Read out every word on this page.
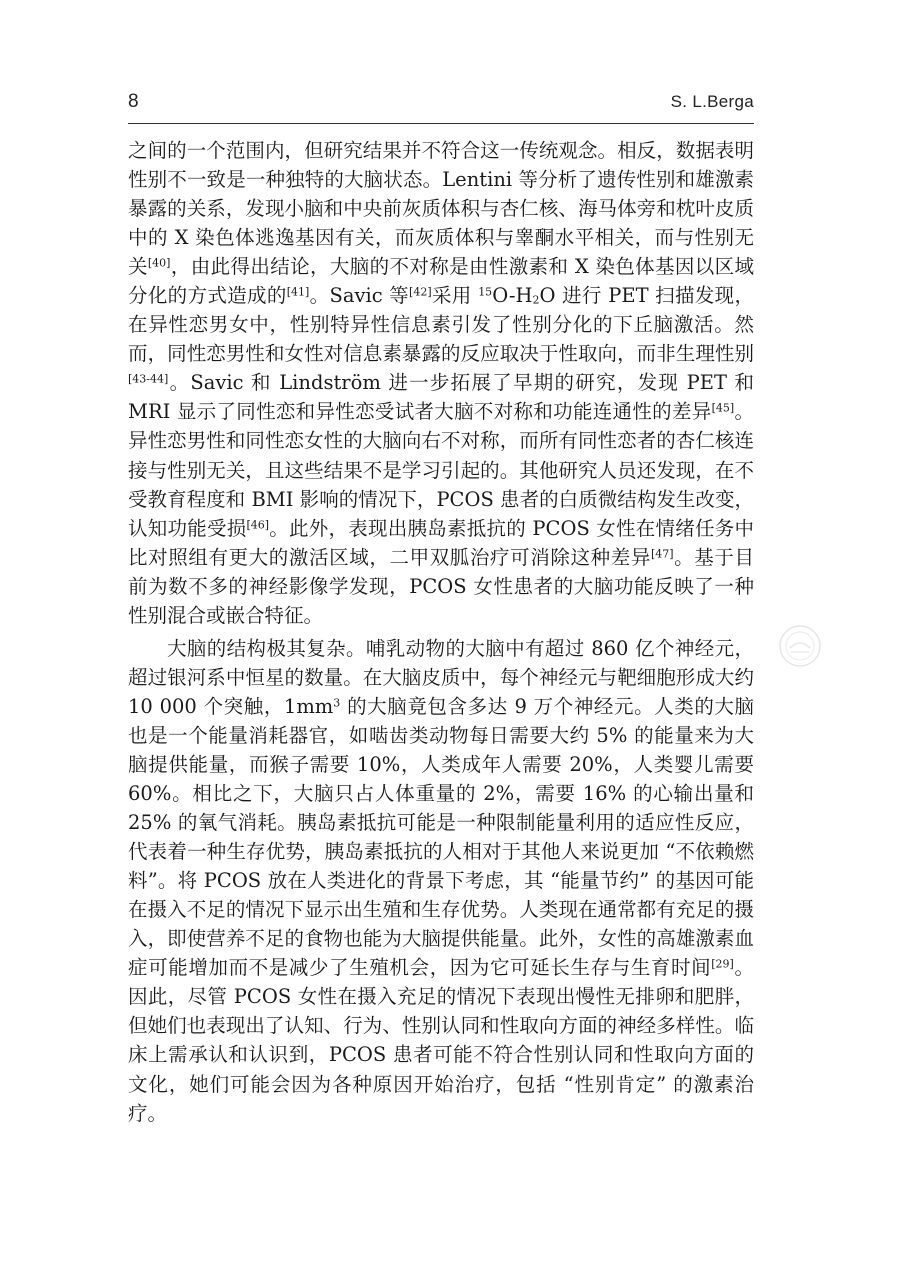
8	S. L.Berga

之间的一个范围内，但研究结果并不符合这一传统观念。相反，数据表明性别不一致是一种独特的大脑状态。Lentini 等分析了遗传性别和雄激素暴露的关系，发现小脑和中央前灰质体积与杏仁核、海马体旁和枕叶皮质中的 X 染色体逃逸基因有关，而灰质体积与睾酮水平相关，而与性别无关[40]，由此得出结论，大脑的不对称是由性激素和 X 染色体基因以区域分化的方式造成的[41]。Savic 等[42]采用 $^{15}O-H_2O$ 进行 PET 扫描发现，在异性恋男女中，性别特异性信息素引发了性别分化的下丘脑激活。然而，同性恋男性和女性对信息素暴露的反应取决于性取向，而非生理性别[43-44]。Savic 和 Lindström 进一步拓展了早期的研究，发现 PET 和 MRI 显示了同性恋和异性恋受试者大脑不对称和功能连通性的差异[45]。异性恋男性和同性恋女性的大脑向右不对称，而所有同性恋者的杏仁核连接与性别无关，且这些结果不是学习引起的。其他研究人员还发现，在不受教育程度和 BMI 影响的情况下，PCOS 患者的白质微结构发生改变，认知功能受损[46]。此外，表现出胰岛素抵抗的 PCOS 女性在情绪任务中比对照组有更大的激活区域，二甲双胍治疗可消除这种差异[47]。基于目前为数不多的神经影像学发现，PCOS 女性患者的大脑功能反映了一种性别混合或嵌合特征。

大脑的结构极其复杂。哺乳动物的大脑中有超过 860 亿个神经元，超过银河系中恒星的数量。在大脑皮质中，每个神经元与靶细胞形成大约 10 000 个突触，$1mm^3$ 的大脑竟包含多达 9 万个神经元。人类的大脑也是一个能量消耗器官，如啮齿类动物每日需要大约 5% 的能量来为大脑提供能量，而猴子需要 10%，人类成年人需要 20%，人类婴儿需要 60%。相比之下，大脑只占人体重量的 2%，需要 16% 的心输出量和 25% 的氧气消耗。胰岛素抵抗可能是一种限制能量利用的适应性反应，代表着一种生存优势，胰岛素抵抗的人相对于其他人来说更加 “不依赖燃料”。将 PCOS 放在人类进化的背景下考虑，其 “能量节约” 的基因可能在摄入不足的情况下显示出生殖和生存优势。人类现在通常都有充足的摄入，即使营养不足的食物也能为大脑提供能量。此外，女性的高雄激素血症可能增加而不是减少了生殖机会，因为它可延长生存与生育时间[29]。因此，尽管 PCOS 女性在摄入充足的情况下表现出慢性无排卵和肥胖，但她们也表现出了认知、行为、性别认同和性取向方面的神经多样性。临床上需承认和认识到，PCOS 患者可能不符合性别认同和性取向方面的文化，她们可能会因为各种原因开始治疗，包括 “性别肯定” 的激素治疗。
